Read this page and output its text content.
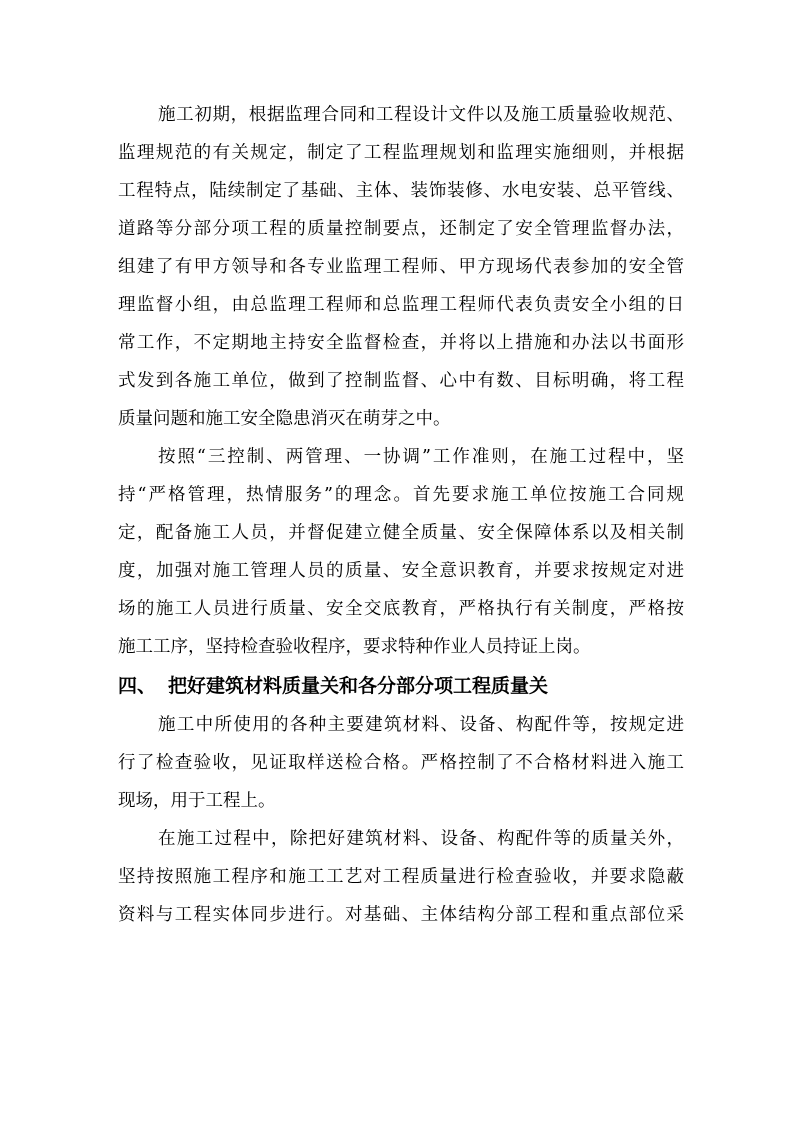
施工初期，根据监理合同和工程设计文件以及施工质量验收规范、
监理规范的有关规定，制定了工程监理规划和监理实施细则，并根据
工程特点，陆续制定了基础、主体、装饰装修、水电安装、总平管线、
道路等分部分项工程的质量控制要点，还制定了安全管理监督办法，
组建了有甲方领导和各专业监理工程师、甲方现场代表参加的安全管
理监督小组，由总监理工程师和总监理工程师代表负责安全小组的日
常工作，不定期地主持安全监督检查，并将以上措施和办法以书面形
式发到各施工单位，做到了控制监督、心中有数、目标明确，将工程
质量问题和施工安全隐患消灭在萌芽之中。
按照“三控制、两管理、一协调”工作准则，在施工过程中，坚
持“严格管理，热情服务”的理念。首先要求施工单位按施工合同规
定，配备施工人员，并督促建立健全质量、安全保障体系以及相关制
度，加强对施工管理人员的质量、安全意识教育，并要求按规定对进
场的施工人员进行质量、安全交底教育，严格执行有关制度，严格按
施工工序，坚持检查验收程序，要求特种作业人员持证上岗。
四、 把好建筑材料质量关和各分部分项工程质量关
施工中所使用的各种主要建筑材料、设备、构配件等，按规定进
行了检查验收，见证取样送检合格。严格控制了不合格材料进入施工
现场，用于工程上。
在施工过程中，除把好建筑材料、设备、构配件等的质量关外，
坚持按照施工程序和施工工艺对工程质量进行检查验收，并要求隐蔽
资料与工程实体同步进行。对基础、主体结构分部工程和重点部位采
